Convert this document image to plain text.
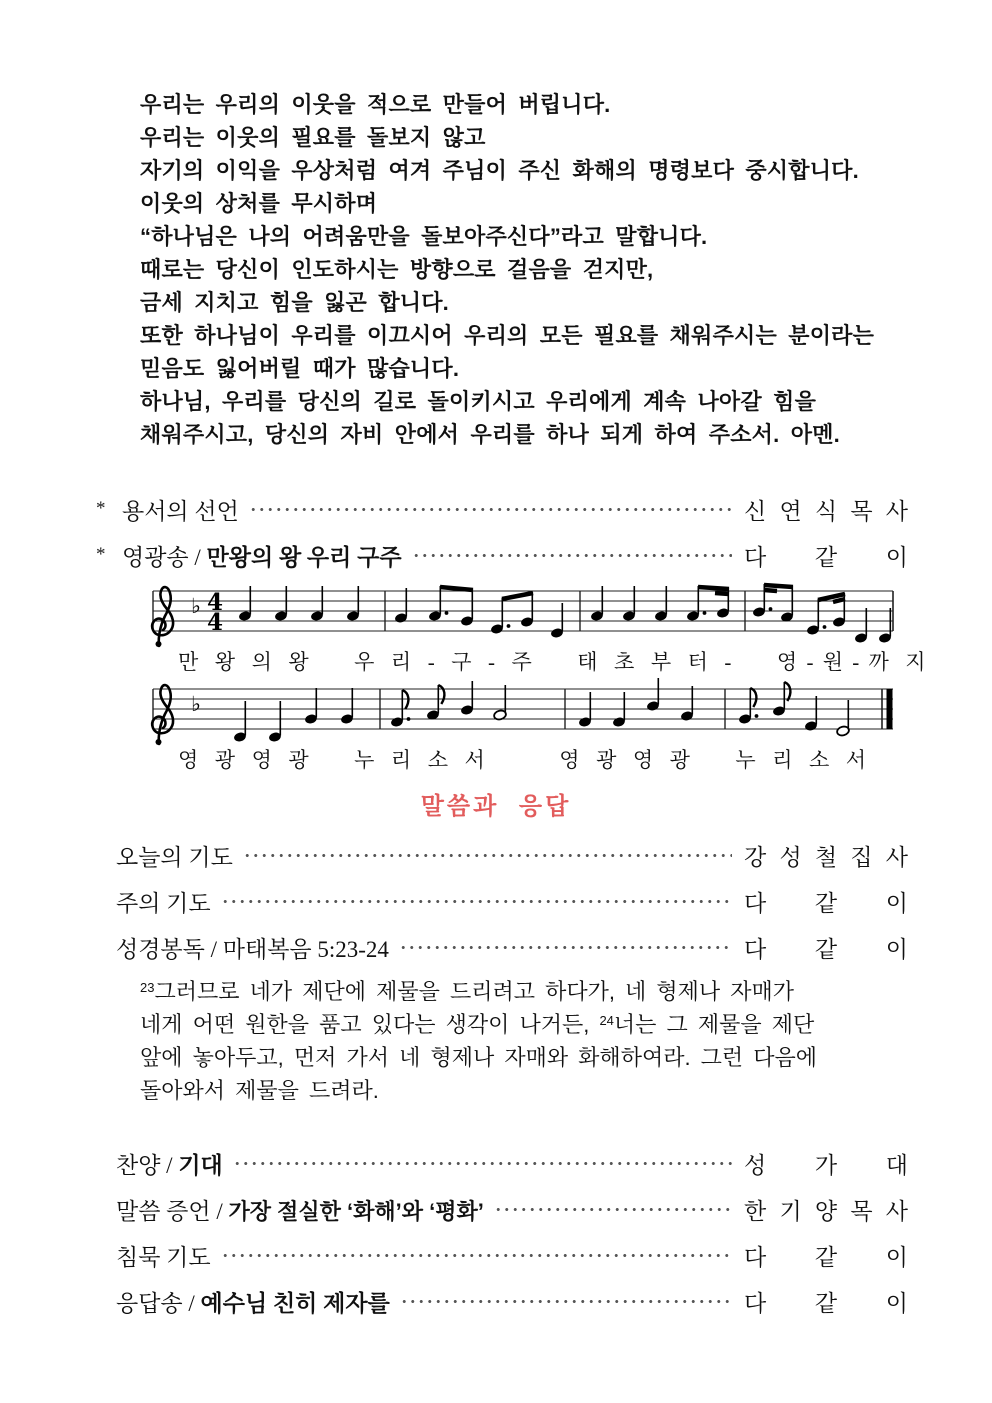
우리는 우리의 이웃을 적으로 만들어 버립니다.
우리는 이웃의 필요를 돌보지 않고
자기의 이익을 우상처럼 여겨 주님이 주신 화해의 명령보다 중시합니다.
이웃의 상처를 무시하며
“하나님은 나의 어려움만을 돌보아주신다”라고 말합니다.
때로는 당신이 인도하시는 방향으로 걸음을 걷지만,
금세 지치고 힘을 잃곤 합니다.
또한 하나님이 우리를 이끄시어 우리의 모든 필요를 채워주시는 분이라는
믿음도 잃어버릴 때가 많습니다.
하나님, 우리를 당신의 길로 돌이키시고 우리에게 계속 나아갈 힘을
채워주시고, 당신의 자비 안에서 우리를 하나 되게 하여 주소서. 아멘.
* 용서의 선언	신 연 식 목 사
* 영광송 / 만왕의 왕 우리 구주	다 같 이
♭ 4
4
만  왕  의  왕      우  리  -  구  -  주      태  초  부  터  -      영 - 원 - 까  지
♭
영  광  영  광      누  리  소  서          영  광  영  광      누  리  소  서
말씀과 응답
오늘의 기도	강 성 철 집 사
주의 기도	다 같 이
성경봉독 / 마태복음 5:23-24	다 같 이
$^{23}$그러므로 네가 제단에 제물을 드리려고 하다가, 네 형제나 자매가
네게 어떤 원한을 품고 있다는 생각이 나거든, $^{24}$너는 그 제물을 제단
앞에 놓아두고, 먼저 가서 네 형제나 자매와 화해하여라. 그런 다음에
돌아와서 제물을 드려라.
찬양 / 기대	성 가 대
말씀 증언 / 가장 절실한 ‘화해’와 ‘평화’	한 기 양 목 사
침묵 기도	다 같 이
응답송 / 예수님 친히 제자를	다 같 이
